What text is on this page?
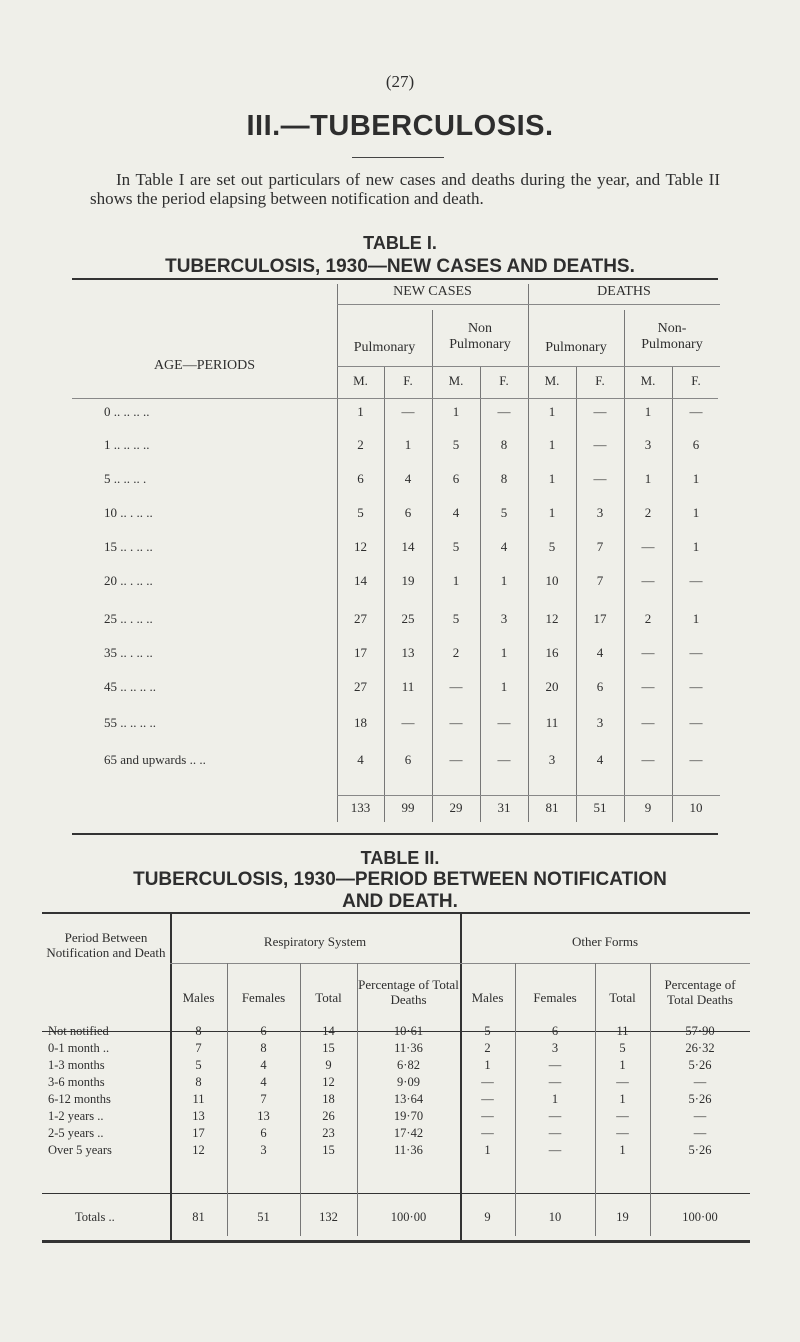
(27)
III.—TUBERCULOSIS.
In Table I are set out particulars of new cases and deaths during the year, and Table II shows the period elapsing between notification and death.
TABLE I.
TUBERCULOSIS, 1930—NEW CASES AND DEATHS.
AGE—PERIODS
NEW CASES	DEATHS
Pulmonary
Non Pulmonary	Pulmonary
Non-Pulmonary
M.	F.	M.	F.	M.	F.	M.	F.
0 .. .. .. ..	1	—	1	—	1	—	1	—
1 .. .. .. ..	2	1	5	8	1	—	3	6
5 .. .. .. .	6	4	6	8	1	—	1	1
10 .. . .. ..	5	6	4	5	1	3	2	1
15 .. . .. ..	12	14	5	4	5	7	—	1
20 .. . .. ..	14	19	1	1	10	7	—	—
25 .. . .. ..	27	25	5	3	12	17	2	1
35 .. . .. ..	17	13	2	1	16	4	—	—
45 .. .. .. ..	27	11	—	1	20	6	—	—
55 .. .. .. ..	18	—	—	—	11	3	—	—
65 and upwards .. ..	4	6	—	—	3	4	—	—
133	99	29	31	81	51	9	10
TABLE II.
TUBERCULOSIS, 1930—PERIOD BETWEEN NOTIFICATION
AND DEATH.
Period Between Notification and Death
Respiratory System	Other Forms
Males	Females	Total
Percentage of Total Deaths	Males	Females	Total
Percentage of Total Deaths
Not notified	8	6	14	10·61	5	6	11	57·90
0-1 month ..	7	8	15	11·36	2	3	5	26·32
1-3 months	5	4	9	6·82	1	—	1	5·26
3-6 months	8	4	12	9·09	—	—	—	—
6-12 months	11	7	18	13·64	—	1	1	5·26
1-2 years ..	13	13	26	19·70	—	—	—	—
2-5 years ..	17	6	23	17·42	—	—	—	—
Over 5 years	12	3	15	11·36	1	—	1	5·26
Totals ..	81	51	132	100·00	9	10	19	100·00
